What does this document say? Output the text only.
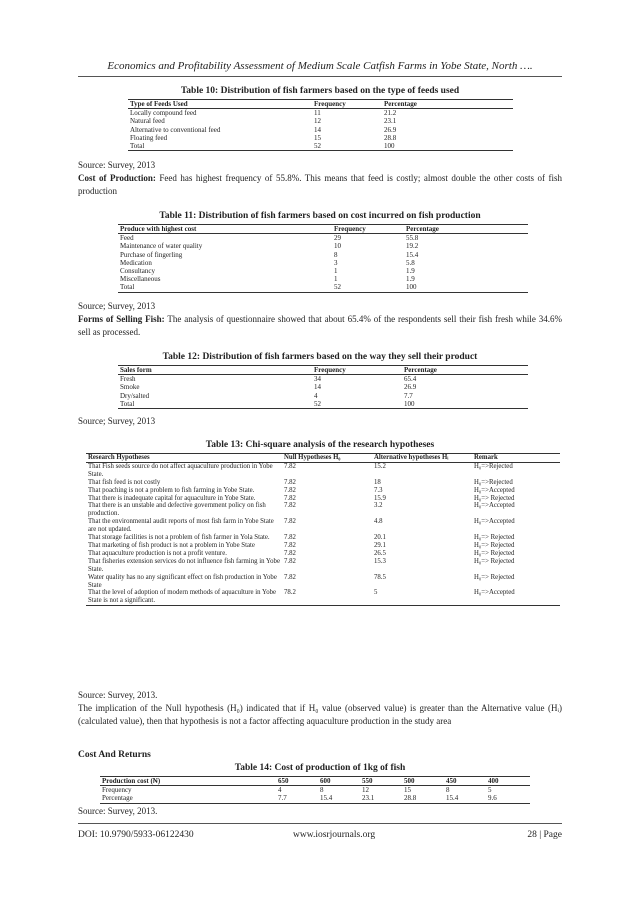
Economics and Profitability Assessment of Medium Scale Catfish Farms in Yobe State, North ….
Table 10: Distribution of fish farmers based on the type of feeds used
Type of Feeds Used	Frequency	Percentage
Locally compound feed	11	21.2
Natural feed	12	23.1
Alternative to conventional feed	14	26.9
Floating feed	15	28.8
Total	52	100
Source: Survey, 2013
Cost of Production: Feed has highest frequency of 55.8%. This means that feed is costly; almost double the other costs of fish production
Table 11: Distribution of fish farmers based on cost incurred on fish production
Produce with highest cost	Frequency	Percentage
Feed	29	55.8
Maintenance of water quality	10	19.2
Purchase of fingerling	8	15.4
Medication	3	5.8
Consultancy	1	1.9
Miscellaneous	1	1.9
Total	52	100
Source; Survey, 2013
Forms of Selling Fish: The analysis of questionnaire showed that about 65.4% of the respondents sell their fish fresh while 34.6% sell as processed.
Table 12: Distribution of fish farmers based on the way they sell their product
Sales form	Frequency	Percentage
Fresh	34	65.4
Smoke	14	26.9
Dry/salted	4	7.7
Total	52	100
Source; Survey, 2013
Table 13: Chi-square analysis of the research hypotheses
Research Hypotheses	Null Hypotheses H₀	Alternative hypotheses Hᵢ	Remark
That Fish seeds source do not affect aquaculture production in Yobe State.	7.82	15.2	H₀=>Rejected
That fish feed is not costly	7.82	18	H₀=>Rejected
That poaching is not a problem to fish farming in Yobe State.	7.82	7.3	H₀=>Accepted
That there is inadequate capital for aquaculture in Yobe State.	7.82	15.9	H₀=> Rejected
That there is an unstable and defective government policy on fish production.	7.82	3.2	H₀=>Accepted
That the environmental audit reports of most fish farm in Yobe State are not updated.	7.82	4.8	H₀=>Accepted
That storage facilities is not a problem of fish farmer in Yola State.	7.82	20.1	H₀=> Rejected
That marketing of fish product is not a problem in Yobe State	7.82	29.1	H₀=> Rejected
That aquaculture production is not a profit venture.	7.82	26.5	H₀=> Rejected
That fisheries extension services do not influence fish farming in Yobe State.	7.82	15.3	H₀=> Rejected
Water quality has no any significant effect on fish production in Yobe State	7.82	78.5	H₀=> Rejected
That the level of adoption of modern methods of aquaculture in Yobe State is not a significant.	78.2	5	H₀=>Accepted
Source: Survey, 2013.
The implication of the Null hypothesis (H₀) indicated that if H₀ value (observed value) is greater than the Alternative value (Hᵢ) (calculated value), then that hypothesis is not a factor affecting aquaculture production in the study area
Cost And Returns
Table 14: Cost of production of 1kg of fish
Production cost (₦)	650	600	550	500	450	400
Frequency	4	8	12	15	8	5
Percentage	7.7	15.4	23.1	28.8	15.4	9.6
Source: Survey, 2013.
DOI: 10.9790/5933-06122430	www.iosrjournals.org	28 | Page
